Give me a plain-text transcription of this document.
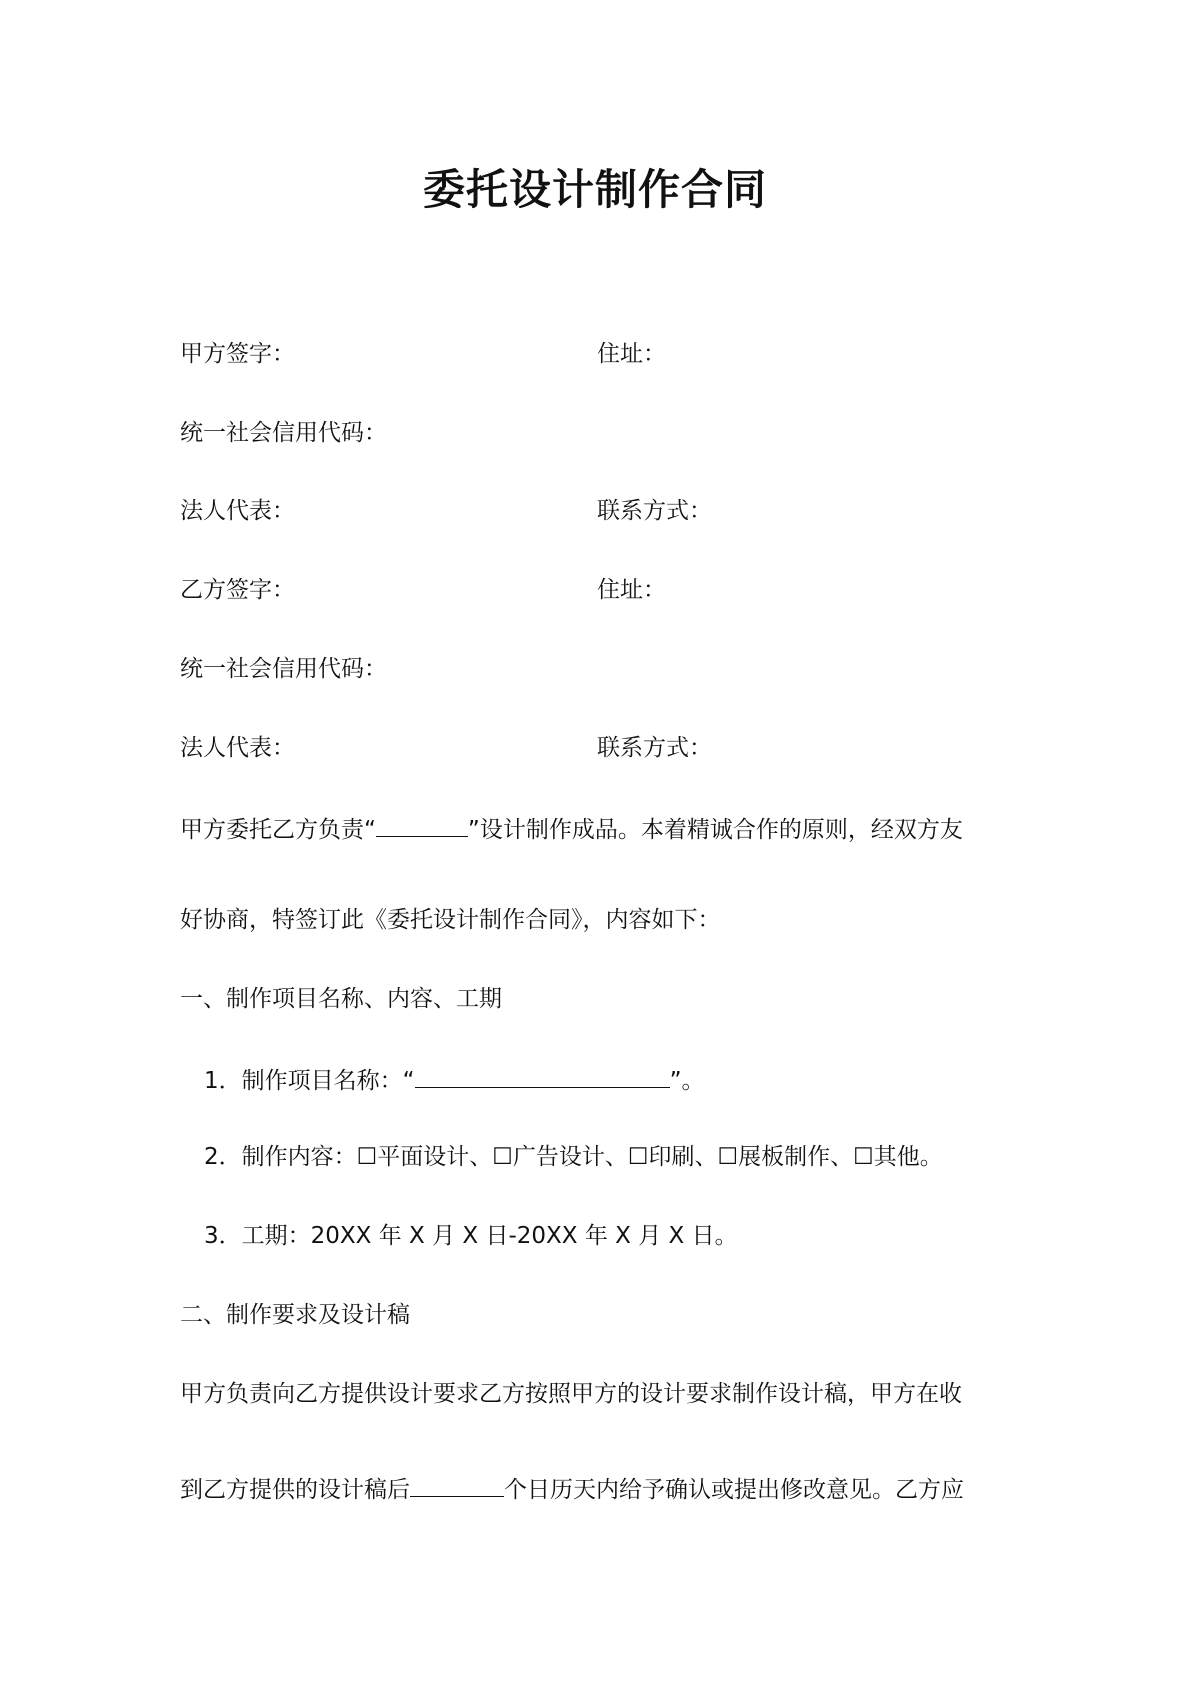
委托设计制作合同
甲方签字：	住址：
统一社会信用代码：
法人代表：	联系方式：
乙方签字：	住址：
统一社会信用代码：
法人代表：	联系方式：
甲方委托乙方负责“	”设计制作成品。本着精诚合作的原则，经双方友
好协商，特签订此《委托设计制作合同》，内容如下：
一、制作项目名称、内容、工期
1．制作项目名称：“	”。
2．制作内容：☐平面设计、☐广告设计、☐印刷、☐展板制作、☐其他。
3．工期：20XX 年 X 月 X 日-20XX 年 X 月 X 日。
二、制作要求及设计稿
甲方负责向乙方提供设计要求乙方按照甲方的设计要求制作设计稿，甲方在收
到乙方提供的设计稿后	个日历天内给予确认或提出修改意见。乙方应
